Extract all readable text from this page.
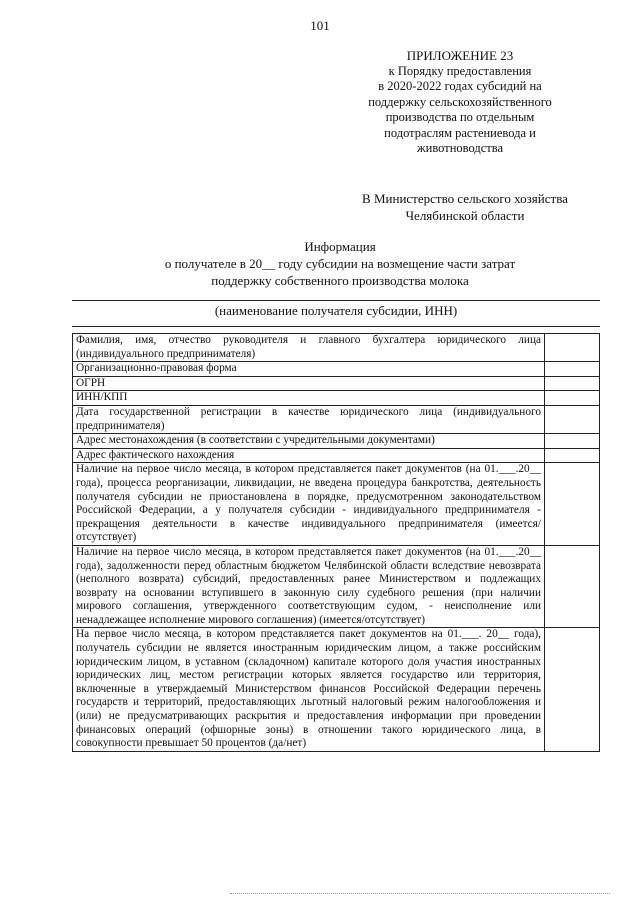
101
ПРИЛОЖЕНИЕ 23
к Порядку предоставления
в 2020-2022 годах субсидий на
поддержку сельскохозяйственного
производства по отдельным
подотраслям растениевода и
животноводства
В Министерство сельского хозяйства
Челябинской области
Информация
о получателе в 20__ году субсидии на возмещение части затрат
поддержку собственного производства молока
(наименование получателя субсидии, ИНН)
Фамилия, имя, отчество руководителя и главного бухгалтера юридического лица (индивидуального предпринимателя)	
Организационно-правовая форма	
ОГРН	
ИНН/КПП	
Дата государственной регистрации в качестве юридического лица (индивидуального предпринимателя)	
Адрес местонахождения (в соответствии с учредительными документами)	
Адрес фактического нахождения	
Наличие на первое число месяца, в котором представляется пакет документов (на 01.___.20__ года), процесса реорганизации, ликвидации, не введена процедура банкротства, деятельность получателя субсидии не приостановлена в порядке, предусмотренном законодательством Российской Федерации, а у получателя субсидии - индивидуального предпринимателя - прекращения деятельности в качестве индивидуального предпринимателя (имеется/отсутствует)	
Наличие на первое число месяца, в котором представляется пакет документов (на 01.___.20__ года), задолженности перед областным бюджетом Челябинской области вследствие невозврата (неполного возврата) субсидий, предоставленных ранее Министерством и подлежащих возврату на основании вступившего в законную силу судебного решения (при наличии мирового соглашения, утвержденного соответствующим судом, - неисполнение или ненадлежащее исполнение мирового соглашения) (имеется/отсутствует)	
На первое число месяца, в котором представляется пакет документов на 01.___. 20__ года), получатель субсидии не является иностранным юридическим лицом, а также российским юридическим лицом, в уставном (складочном) капитале которого доля участия иностранных юридических лиц, местом регистрации которых является государство или территория, включенные в утверждаемый Министерством финансов Российской Федерации перечень государств и территорий, предоставляющих льготный налоговый режим налогообложения и (или) не предусматривающих раскрытия и предоставления информации при проведении финансовых операций (офшорные зоны) в отношении такого юридического лица, в совокупности превышает 50 процентов (да/нет)	
